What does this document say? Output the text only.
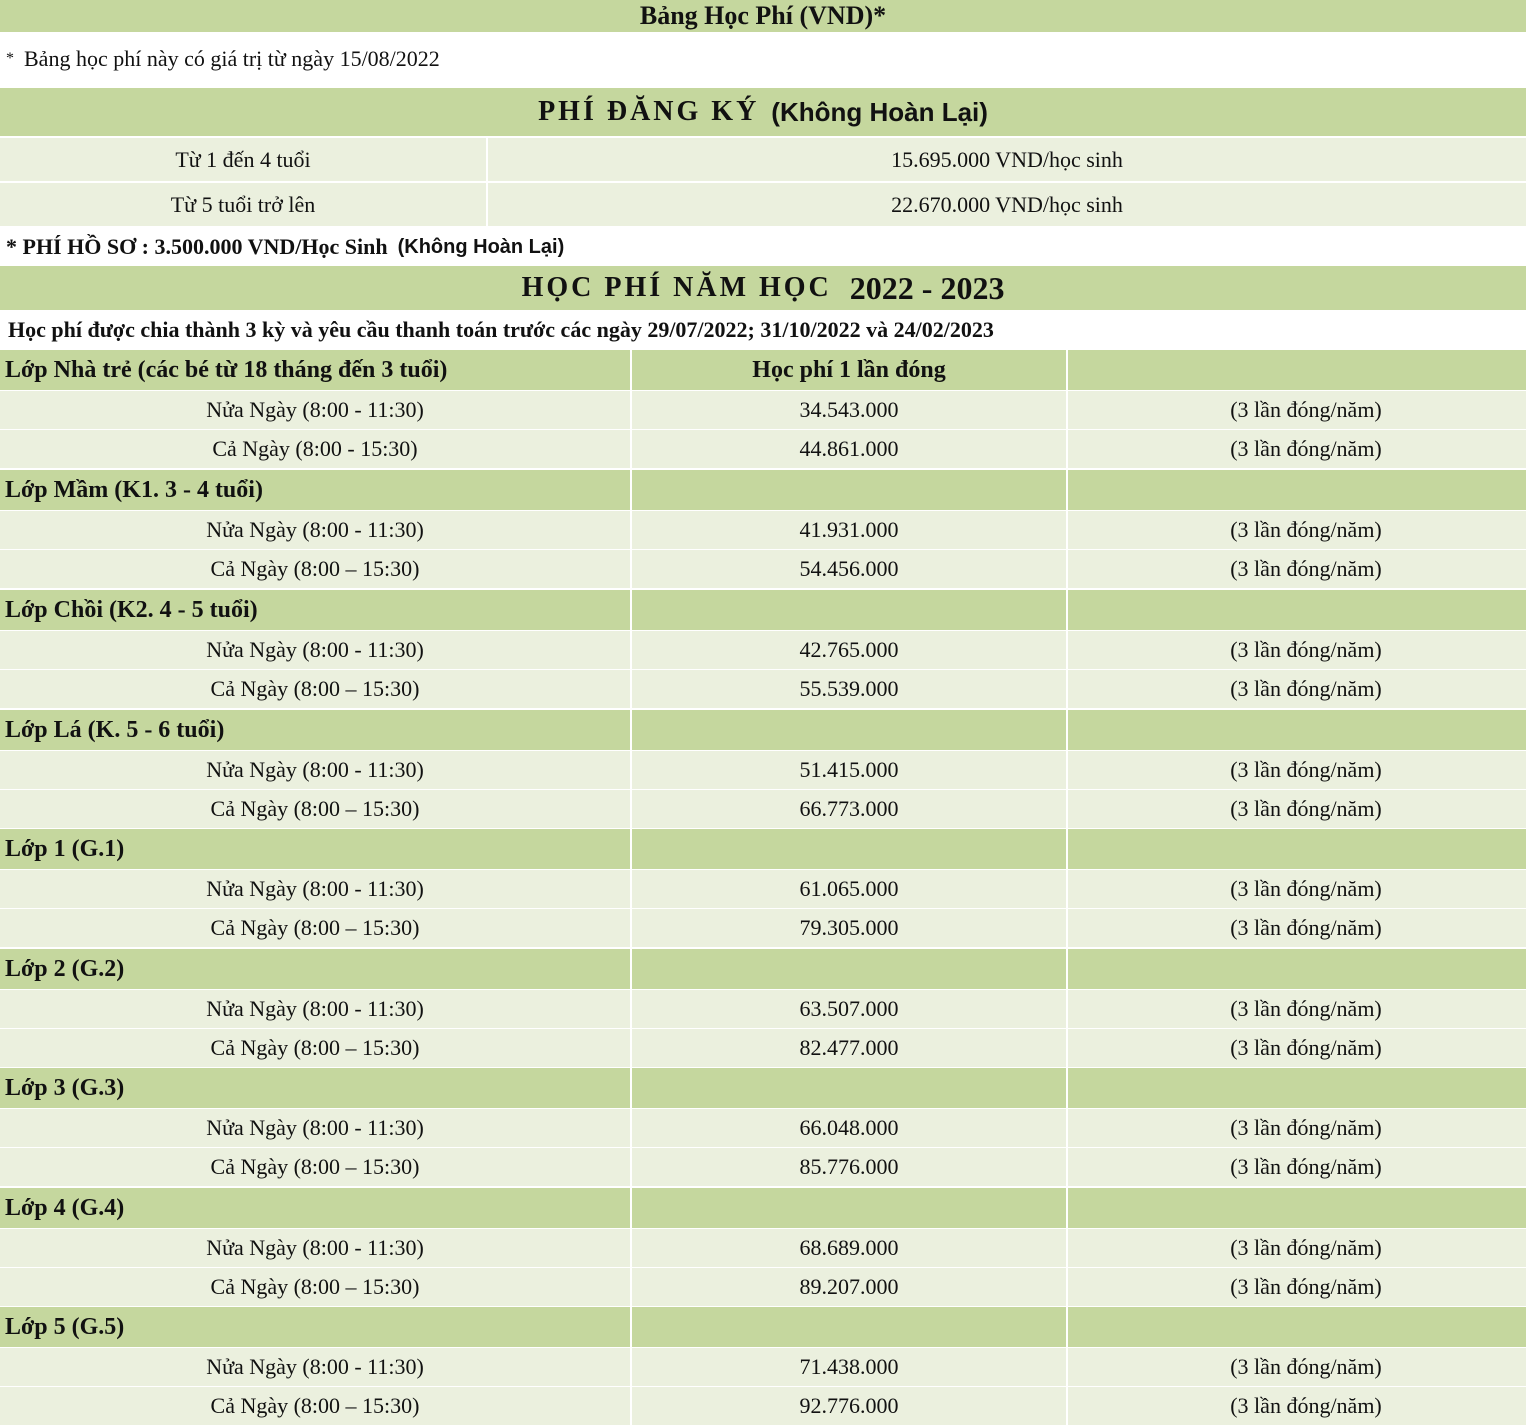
Bảng Học Phí (VND)*
* Bảng học phí này có giá trị từ ngày 15/08/2022
PHÍ ĐĂNG KÝ (Không Hoàn Lại)
Từ 1 đến 4 tuổi	15.695.000 VND/học sinh
Từ 5 tuổi trở lên	22.670.000 VND/học sinh
* PHÍ HỒ SƠ : 3.500.000 VND/Học Sinh (Không Hoàn Lại)
HỌC PHÍ NĂM HỌC 2022 - 2023
Học phí được chia thành 3 kỳ và yêu cầu thanh toán trước các ngày 29/07/2022; 31/10/2022 và 24/02/2023
Lớp Nhà trẻ (các bé từ 18 tháng đến 3 tuổi)	Học phí 1 lần đóng
Nửa Ngày (8:00 - 11:30)	34.543.000	(3 lần đóng/năm)
Cả Ngày (8:00 - 15:30)	44.861.000	(3 lần đóng/năm)
Lớp Mầm (K1. 3 - 4 tuổi)
Nửa Ngày (8:00 - 11:30)	41.931.000	(3 lần đóng/năm)
Cả Ngày (8:00 – 15:30)	54.456.000	(3 lần đóng/năm)
Lớp Chồi (K2. 4 - 5 tuổi)
Nửa Ngày (8:00 - 11:30)	42.765.000	(3 lần đóng/năm)
Cả Ngày (8:00 – 15:30)	55.539.000	(3 lần đóng/năm)
Lớp Lá (K. 5 - 6 tuổi)
Nửa Ngày (8:00 - 11:30)	51.415.000	(3 lần đóng/năm)
Cả Ngày (8:00 – 15:30)	66.773.000	(3 lần đóng/năm)
Lớp 1 (G.1)
Nửa Ngày (8:00 - 11:30)	61.065.000	(3 lần đóng/năm)
Cả Ngày (8:00 – 15:30)	79.305.000	(3 lần đóng/năm)
Lớp 2 (G.2)
Nửa Ngày (8:00 - 11:30)	63.507.000	(3 lần đóng/năm)
Cả Ngày (8:00 – 15:30)	82.477.000	(3 lần đóng/năm)
Lớp 3 (G.3)
Nửa Ngày (8:00 - 11:30)	66.048.000	(3 lần đóng/năm)
Cả Ngày (8:00 – 15:30)	85.776.000	(3 lần đóng/năm)
Lớp 4 (G.4)
Nửa Ngày (8:00 - 11:30)	68.689.000	(3 lần đóng/năm)
Cả Ngày (8:00 – 15:30)	89.207.000	(3 lần đóng/năm)
Lớp 5 (G.5)
Nửa Ngày (8:00 - 11:30)	71.438.000	(3 lần đóng/năm)
Cả Ngày (8:00 – 15:30)	92.776.000	(3 lần đóng/năm)
